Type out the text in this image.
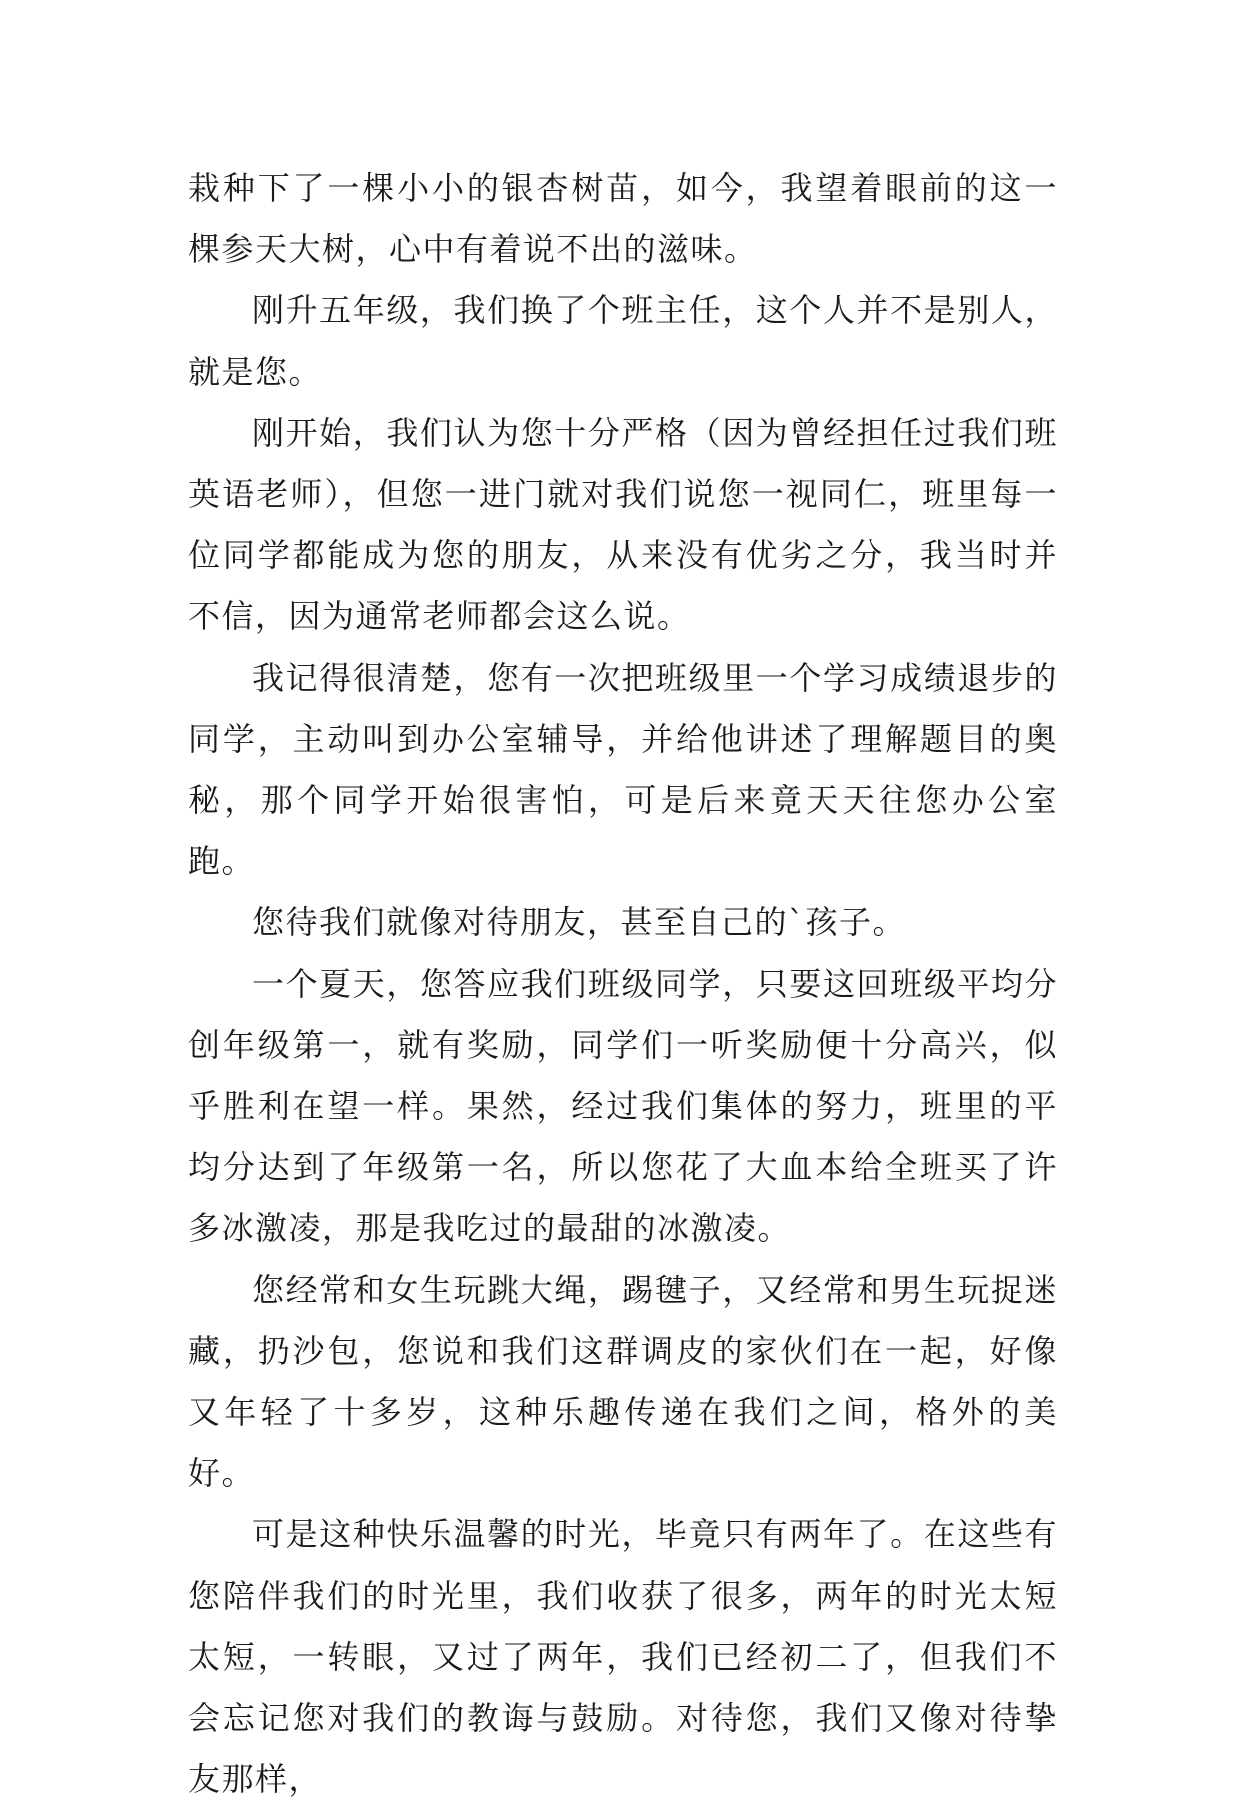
栽种下了一棵小小的银杏树苗，如今，我望着眼前的这一棵参天大树，心中有着说不出的滋味。

刚升五年级，我们换了个班主任，这个人并不是别人，就是您。

刚开始，我们认为您十分严格（因为曾经担任过我们班英语老师），但您一进门就对我们说您一视同仁，班里每一位同学都能成为您的朋友，从来没有优劣之分，我当时并不信，因为通常老师都会这么说。

我记得很清楚，您有一次把班级里一个学习成绩退步的同学，主动叫到办公室辅导，并给他讲述了理解题目的奥秘，那个同学开始很害怕，可是后来竟天天往您办公室跑。

您待我们就像对待朋友，甚至自己的`孩子。

一个夏天，您答应我们班级同学，只要这回班级平均分创年级第一，就有奖励，同学们一听奖励便十分高兴，似乎胜利在望一样。果然，经过我们集体的努力，班里的平均分达到了年级第一名，所以您花了大血本给全班买了许多冰激凌，那是我吃过的最甜的冰激凌。

您经常和女生玩跳大绳，踢毽子，又经常和男生玩捉迷藏，扔沙包，您说和我们这群调皮的家伙们在一起，好像又年轻了十多岁，这种乐趣传递在我们之间，格外的美好。

可是这种快乐温馨的时光，毕竟只有两年了。在这些有您陪伴我们的时光里，我们收获了很多，两年的时光太短太短，一转眼，又过了两年，我们已经初二了，但我们不会忘记您对我们的教诲与鼓励。对待您，我们又像对待挚友那样，
